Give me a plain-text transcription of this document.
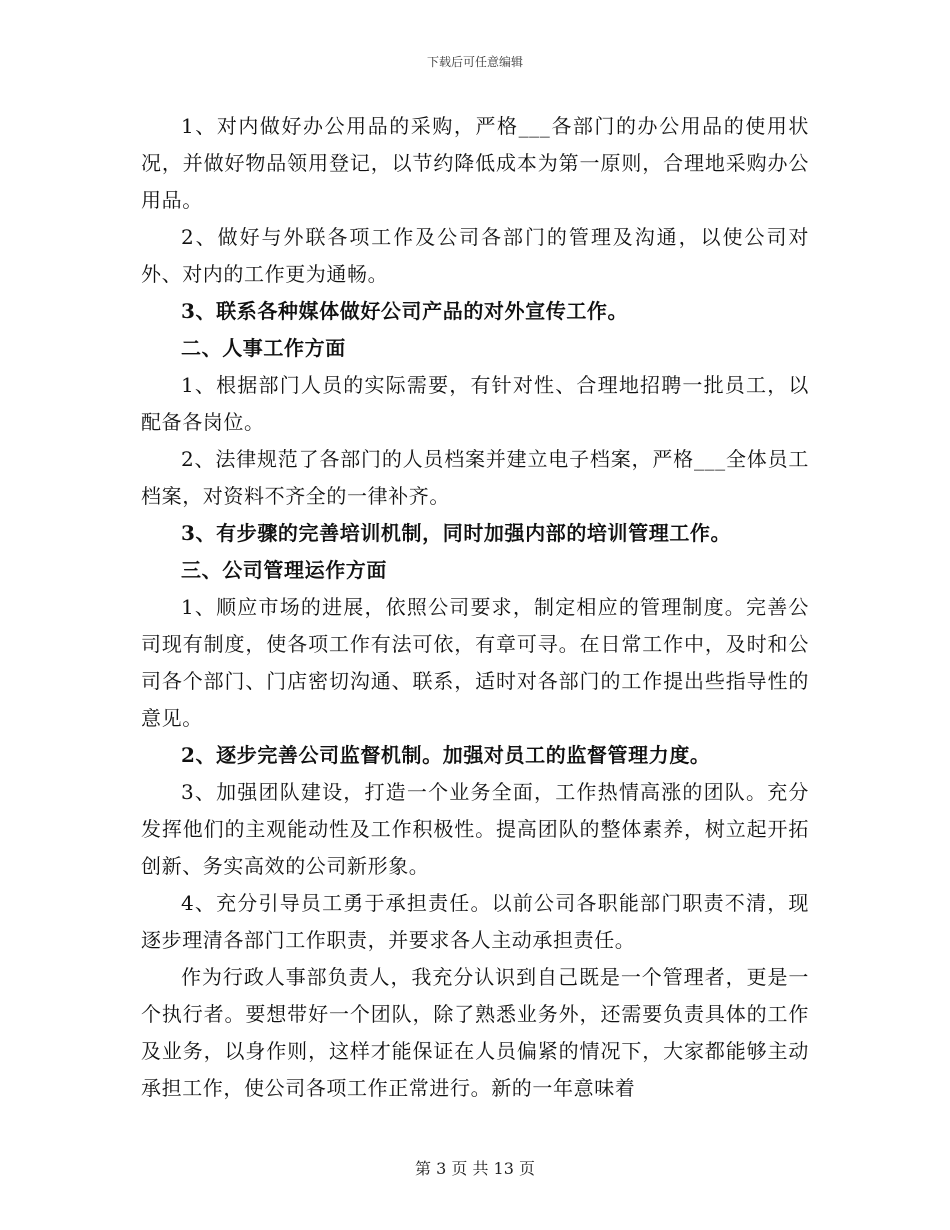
下载后可任意编辑

1、对内做好办公用品的采购，严格___各部门的办公用品的使用状况，并做好物品领用登记，以节约降低成本为第一原则，合理地采购办公用品。

2、做好与外联各项工作及公司各部门的管理及沟通，以使公司对外、对内的工作更为通畅。

3、联系各种媒体做好公司产品的对外宣传工作。

二、人事工作方面

1、根据部门人员的实际需要，有针对性、合理地招聘一批员工，以配备各岗位。

2、法律规范了各部门的人员档案并建立电子档案，严格___全体员工档案，对资料不齐全的一律补齐。

3、有步骤的完善培训机制，同时加强内部的培训管理工作。

三、公司管理运作方面

1、顺应市场的进展，依照公司要求，制定相应的管理制度。完善公司现有制度，使各项工作有法可依，有章可寻。在日常工作中，及时和公司各个部门、门店密切沟通、联系，适时对各部门的工作提出些指导性的意见。

2、逐步完善公司监督机制。加强对员工的监督管理力度。

3、加强团队建设，打造一个业务全面，工作热情高涨的团队。充分发挥他们的主观能动性及工作积极性。提高团队的整体素养，树立起开拓创新、务实高效的公司新形象。

4、充分引导员工勇于承担责任。以前公司各职能部门职责不清，现逐步理清各部门工作职责，并要求各人主动承担责任。

作为行政人事部负责人，我充分认识到自己既是一个管理者，更是一个执行者。要想带好一个团队，除了熟悉业务外，还需要负责具体的工作及业务，以身作则，这样才能保证在人员偏紧的情况下，大家都能够主动承担工作，使公司各项工作正常进行。新的一年意味着

第 3 页 共 13 页
